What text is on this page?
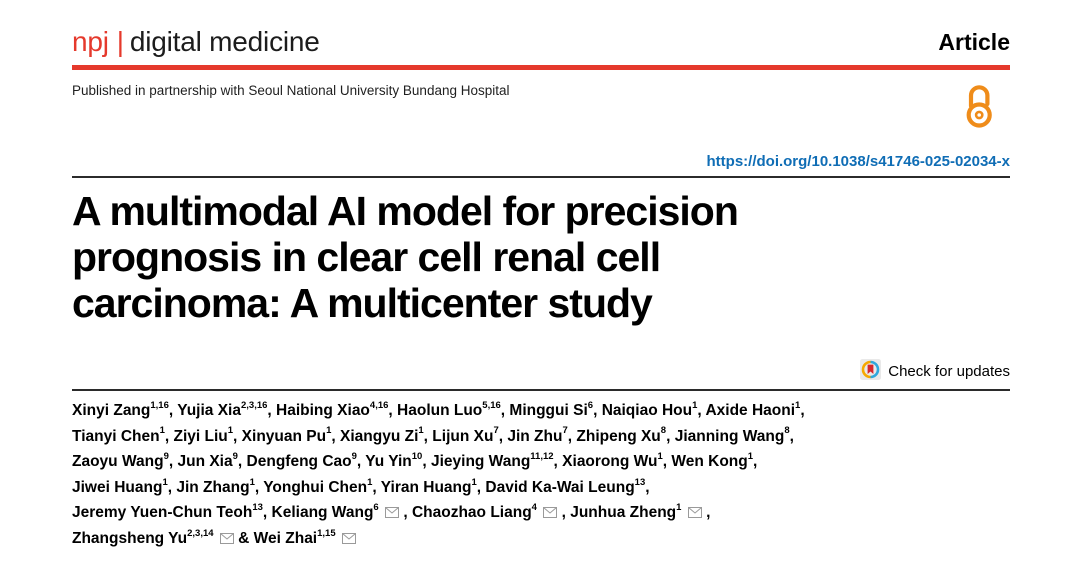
npj | digital medicine	Article
Published in partnership with Seoul National University Bundang Hospital
https://doi.org/10.1038/s41746-025-02034-x
A multimodal AI model for precision
prognosis in clear cell renal cell
carcinoma: A multicenter study
Check for updates
Xinyi Zang$^{1,16}$, Yujia Xia$^{2,3,16}$, Haibing Xiao$^{4,16}$, Haolun Luo$^{5,16}$, Minggui Si$^6$, Naiqiao Hou$^1$, Axide Haoni$^1$,
Tianyi Chen$^1$, Ziyi Liu$^1$, Xinyuan Pu$^1$, Xiangyu Zi$^1$, Lijun Xu$^7$, Jin Zhu$^7$, Zhipeng Xu$^8$, Jianning Wang$^8$,
Zaoyu Wang$^9$, Jun Xia$^9$, Dengfeng Cao$^9$, Yu Yin$^{10}$, Jieying Wang$^{11,12}$, Xiaorong Wu$^1$, Wen Kong$^1$,
Jiwei Huang$^1$, Jin Zhang$^1$, Yonghui Chen$^1$, Yiran Huang$^1$, David Ka-Wai Leung$^{13}$,
Jeremy Yuen-Chun Teoh$^{13}$, Keliang Wang$^6$ , Chaozhao Liang$^4$ , Junhua Zheng$^1$ ,
Zhangsheng Yu$^{2,3,14}$  & Wei Zhai$^{1,15}$
